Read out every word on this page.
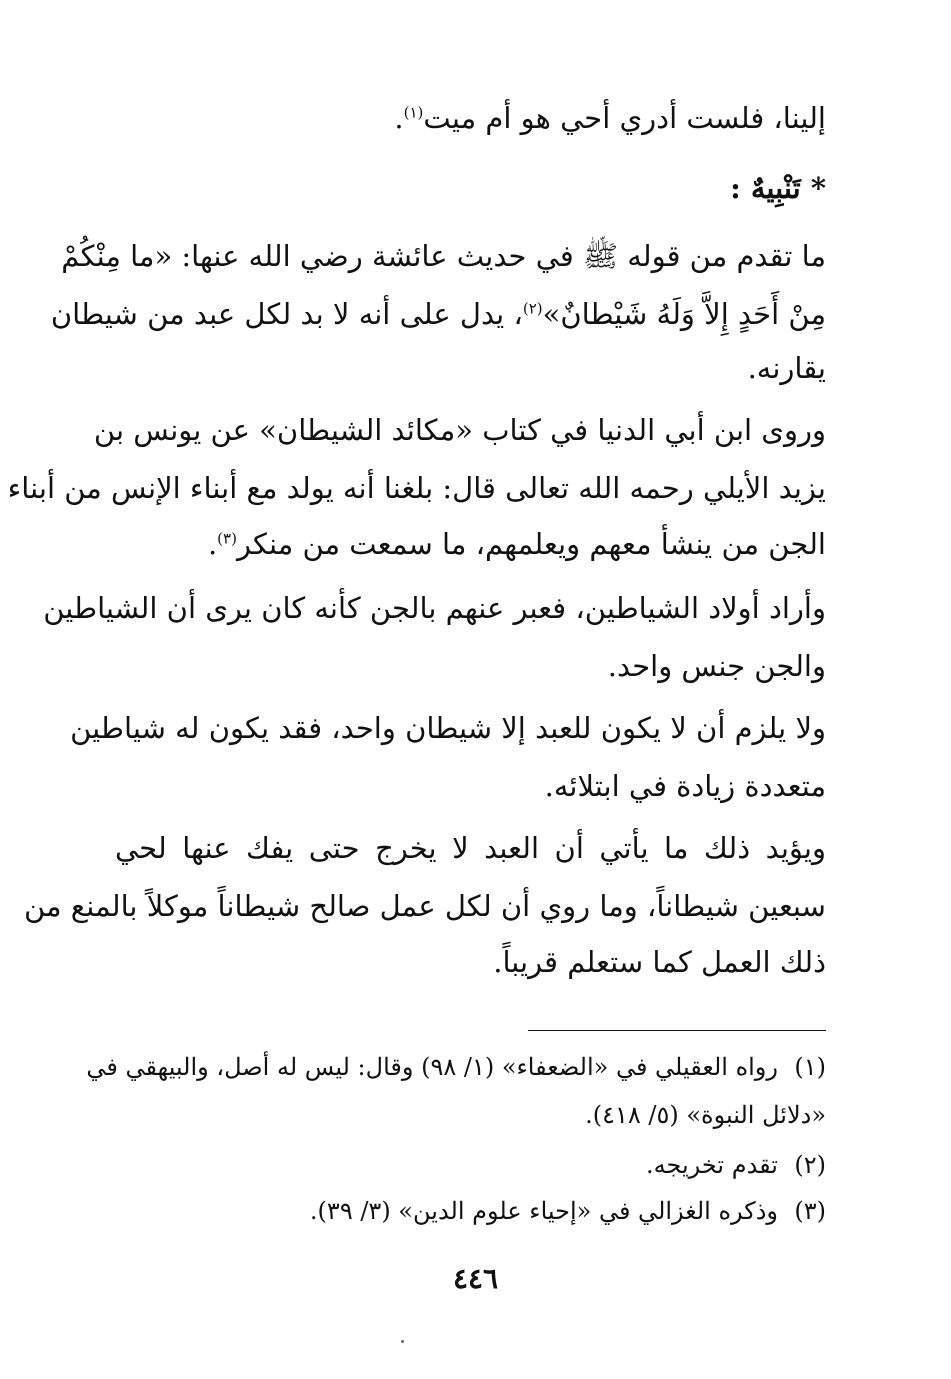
إلينا، فلست أدري أحي هو أم ميت$^{(١)}$.
* تَنْبِيهٌ :
ما تقدم من قوله ﷺ في حديث عائشة رضي الله عنها: «ما مِنْكُمْ
مِنْ أَحَدٍ إِلاَّ وَلَهُ شَيْطانٌ»$^{(٢)}$، يدل على أنه لا بد لكل عبد من شيطان
يقارنه.
وروى ابن أبي الدنيا في كتاب «مكائد الشيطان» عن يونس بن
يزيد الأيلي رحمه الله تعالى قال: بلغنا أنه يولد مع أبناء الإنس من أبناء
الجن من ينشأ معهم ويعلمهم، ما سمعت من منكر$^{(٣)}$.
وأراد أولاد الشياطين، فعبر عنهم بالجن كأنه كان يرى أن الشياطين
والجن جنس واحد.
ولا يلزم أن لا يكون للعبد إلا شيطان واحد، فقد يكون له شياطين
متعددة زيادة في ابتلائه.
ويؤيد ذلك ما يأتي أن العبد لا يخرج حتى يفك عنها لحي
سبعين شيطاناً، وما روي أن لكل عمل صالح شيطاناً موكلاً بالمنع من
ذلك العمل كما ستعلم قريباً.
(١)رواه العقيلي في «الضعفاء» (١/ ٩٨) وقال: ليس له أصل، والبيهقي في
«دلائل النبوة» (٥/ ٤١٨).
(٢)تقدم تخريجه.
(٣)وذكره الغزالي في «إحياء علوم الدين» (٣/ ٣٩).
٤٤٦
